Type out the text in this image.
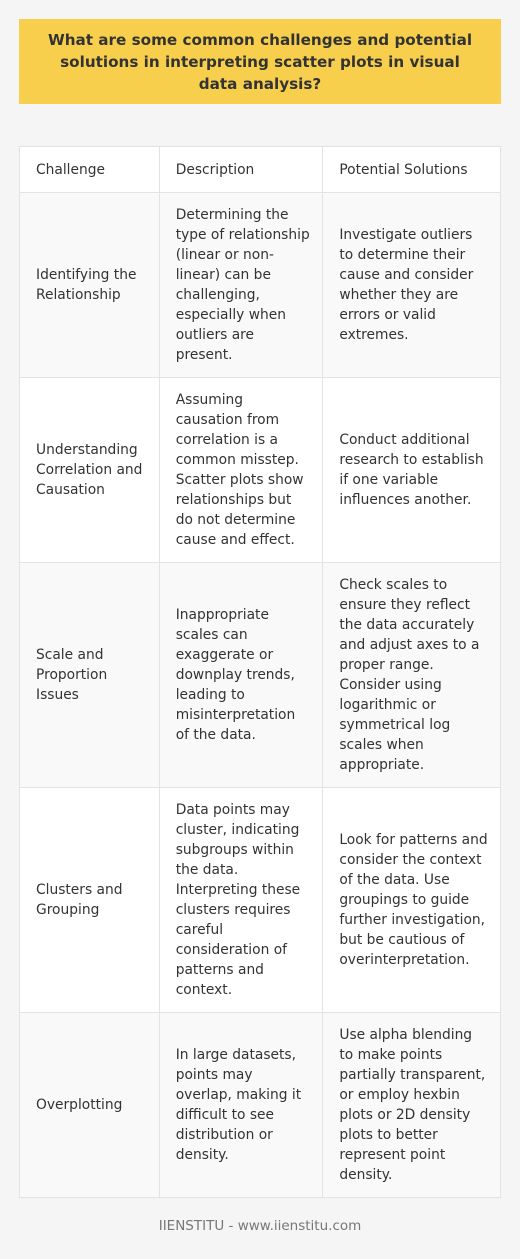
What are some common challenges and potential solutions in interpreting scatter plots in visual data analysis?
Challenge	Description	Potential Solutions
Identifying the Relationship	Determining the type of relationship (linear or non-linear) can be challenging, especially when outliers are present.	Investigate outliers to determine their cause and consider whether they are errors or valid extremes.
Understanding Correlation and Causation	Assuming causation from correlation is a common misstep. Scatter plots show relationships but do not determine cause and effect.	Conduct additional research to establish if one variable influences another.
Scale and Proportion Issues	Inappropriate scales can exaggerate or downplay trends, leading to misinterpretation of the data.	Check scales to ensure they reflect the data accurately and adjust axes to a proper range. Consider using logarithmic or symmetrical log scales when appropriate.
Clusters and Grouping	Data points may cluster, indicating subgroups within the data. Interpreting these clusters requires careful consideration of patterns and context.	Look for patterns and consider the context of the data. Use groupings to guide further investigation, but be cautious of overinterpretation.
Overplotting	In large datasets, points may overlap, making it difficult to see distribution or density.	Use alpha blending to make points partially transparent, or employ hexbin plots or 2D density plots to better represent point density.
IIENSTITU - www.iienstitu.com
